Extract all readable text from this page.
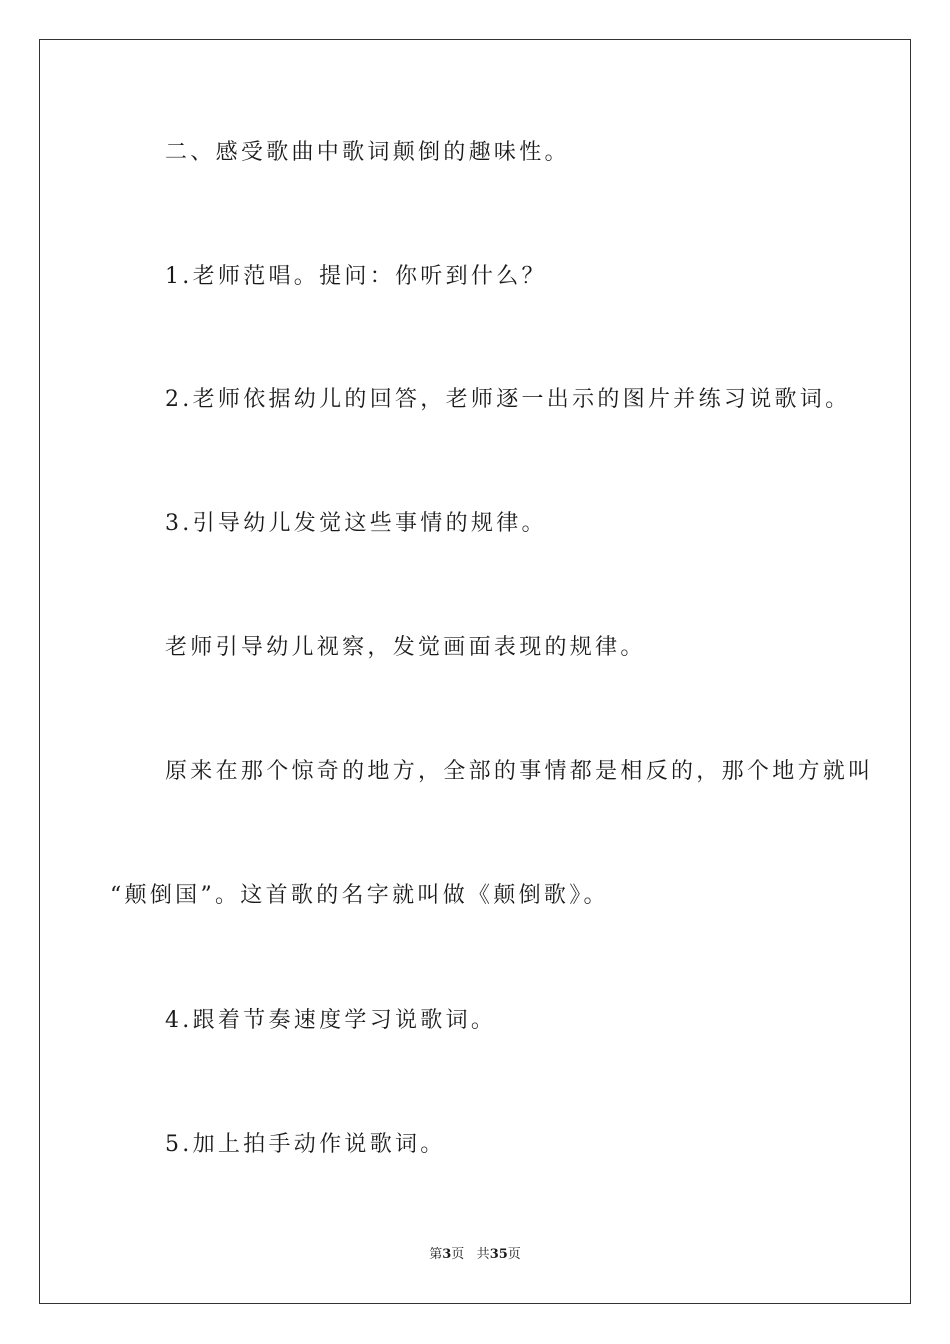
二、感受歌曲中歌词颠倒的趣味性。
1.老师范唱。提问：你听到什么？
2.老师依据幼儿的回答，老师逐一出示的图片并练习说歌词。
3.引导幼儿发觉这些事情的规律。
老师引导幼儿视察，发觉画面表现的规律。
原来在那个惊奇的地方，全部的事情都是相反的，那个地方就叫
“颠倒国”。这首歌的名字就叫做《颠倒歌》。
4.跟着节奏速度学习说歌词。
5.加上拍手动作说歌词。
第3页 共35页
